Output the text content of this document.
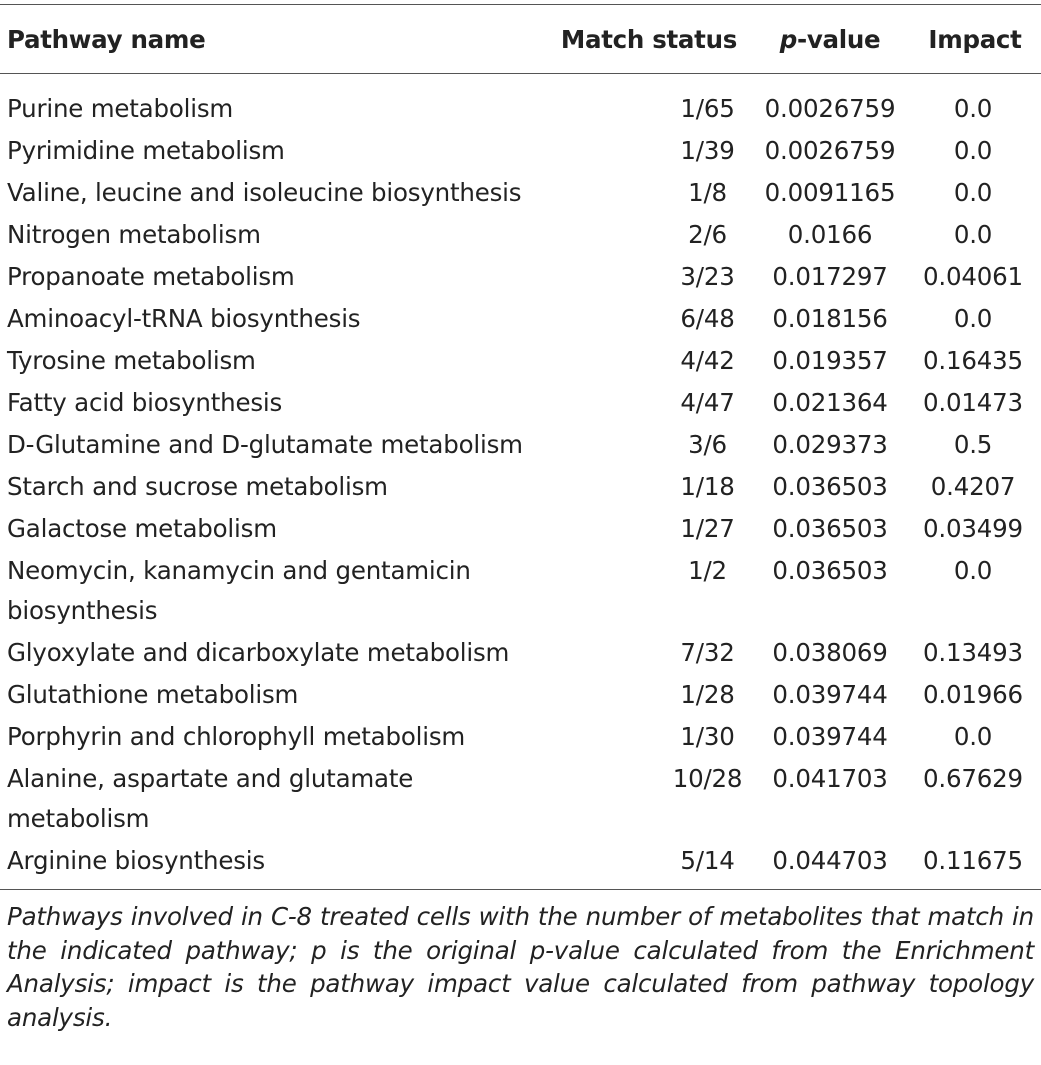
Pathway name	Match status	p-value	Impact
Purine metabolism	1/65	0.0026759	0.0
Pyrimidine metabolism	1/39	0.0026759	0.0
Valine, leucine and isoleucine biosynthesis	1/8	0.0091165	0.0
Nitrogen metabolism	2/6	0.0166	0.0
Propanoate metabolism	3/23	0.017297	0.04061
Aminoacyl-tRNA biosynthesis	6/48	0.018156	0.0
Tyrosine metabolism	4/42	0.019357	0.16435
Fatty acid biosynthesis	4/47	0.021364	0.01473
D-Glutamine and D-glutamate metabolism	3/6	0.029373	0.5
Starch and sucrose metabolism	1/18	0.036503	0.4207
Galactose metabolism	1/27	0.036503	0.03499
Neomycin, kanamycin and gentamicin biosynthesis	1/2	0.036503	0.0
Glyoxylate and dicarboxylate metabolism	7/32	0.038069	0.13493
Glutathione metabolism	1/28	0.039744	0.01966
Porphyrin and chlorophyll metabolism	1/30	0.039744	0.0
Alanine, aspartate and glutamate metabolism	10/28	0.041703	0.67629
Arginine biosynthesis	5/14	0.044703	0.11675
Pathways involved in C-8 treated cells with the number of metabolites that match in the indicated pathway; p is the original p-value calculated from the Enrichment Analysis; impact is the pathway impact value calculated from pathway topology analysis.
